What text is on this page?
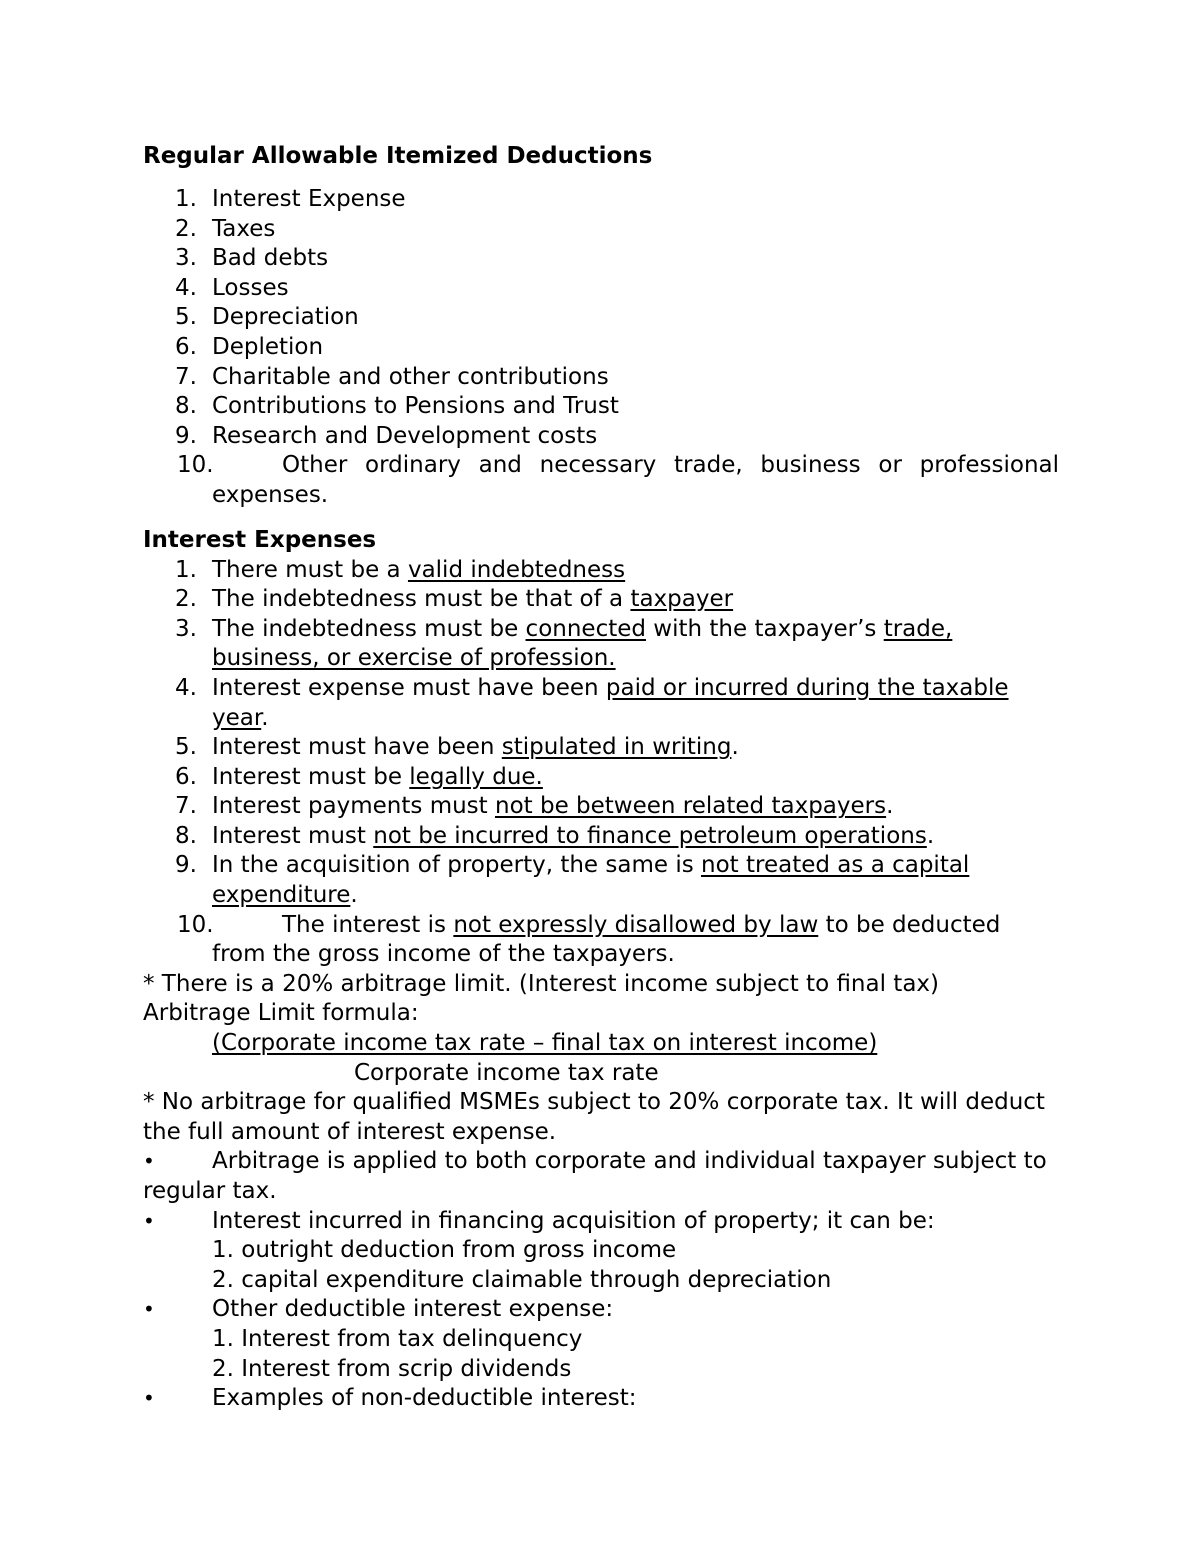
Regular Allowable Itemized Deductions
1. Interest Expense
2. Taxes
3. Bad debts
4. Losses
5. Depreciation
6. Depletion
7. Charitable and other contributions
8. Contributions to Pensions and Trust
9. Research and Development costs
10.	Other ordinary and necessary trade, business or professional expenses.
Interest Expenses
1. There must be a valid indebtedness
2. The indebtedness must be that of a taxpayer
3. The indebtedness must be connected with the taxpayer’s trade, business, or exercise of profession.
4. Interest expense must have been paid or incurred during the taxable year.
5. Interest must have been stipulated in writing.
6. Interest must be legally due.
7. Interest payments must not be between related taxpayers.
8. Interest must not be incurred to finance petroleum operations.
9. In the acquisition of property, the same is not treated as a capital expenditure.
10.	The interest is not expressly disallowed by law to be deducted from the gross income of the taxpayers.
* There is a 20% arbitrage limit. (Interest income subject to final tax)
Arbitrage Limit formula:
(Corporate income tax rate – final tax on interest income)
Corporate income tax rate
* No arbitrage for qualified MSMEs subject to 20% corporate tax. It will deduct the full amount of interest expense.
•	Arbitrage is applied to both corporate and individual taxpayer subject to regular tax.
•	Interest incurred in financing acquisition of property; it can be:
1. outright deduction from gross income
2. capital expenditure claimable through depreciation
•	Other deductible interest expense:
1. Interest from tax delinquency
2. Interest from scrip dividends
•	Examples of non-deductible interest:
